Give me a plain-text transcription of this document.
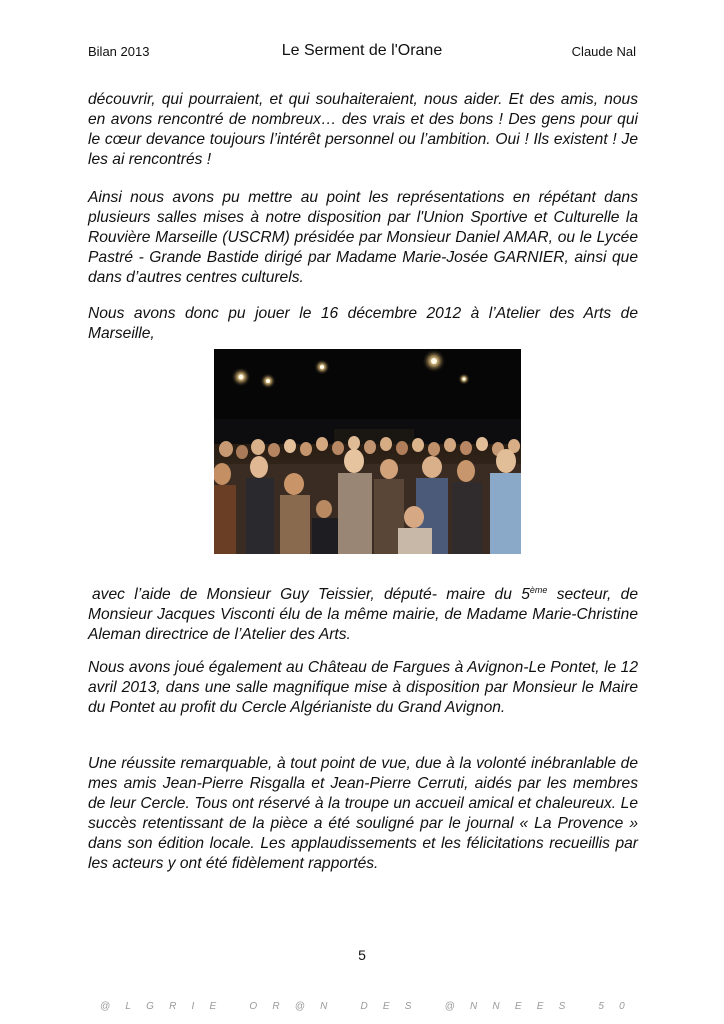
Bilan 2013	Le Serment de l'Orane	Claude Nal

découvrir, qui pourraient, et qui souhaiteraient, nous aider. Et des amis, nous en avons rencontré de nombreux… des vrais et des bons ! Des gens pour qui le cœur devance toujours l’intérêt personnel ou l’ambition. Oui ! Ils existent ! Je les ai rencontrés !

Ainsi nous avons pu mettre au point les représentations en répétant dans plusieurs salles mises à notre disposition par l'Union Sportive et Culturelle la Rouvière Marseille (USCRM) présidée par Monsieur Daniel AMAR, ou le Lycée Pastré - Grande Bastide dirigé par Madame Marie-Josée GARNIER, ainsi que dans d’autres centres culturels.

Nous avons donc pu jouer le 16 décembre 2012 à l’Atelier des Arts de Marseille,

avec l’aide de Monsieur Guy Teissier, député- maire du 5ème secteur, de Monsieur Jacques Visconti élu de la même mairie, de Madame Marie-Christine Aleman directrice de l’Atelier des Arts.

Nous avons joué également au Château de Fargues à Avignon-Le Pontet, le 12 avril 2013, dans une salle magnifique mise à disposition par Monsieur le Maire du Pontet au profit du Cercle Algérianiste du Grand Avignon.

Une réussite remarquable, à tout point de vue, due à la volonté inébranlable de mes amis Jean-Pierre Risgalla et Jean-Pierre Cerruti, aidés par les membres de leur Cercle. Tous ont réservé à la troupe un accueil amical et chaleureux. Le succès retentissant de la pièce a été souligné par le journal « La Provence » dans son édition locale. Les applaudissements et les félicitations recueillis par les acteurs y ont été fidèlement rapportés.

5
@LGRIE OR@N DES @NNEES 50
